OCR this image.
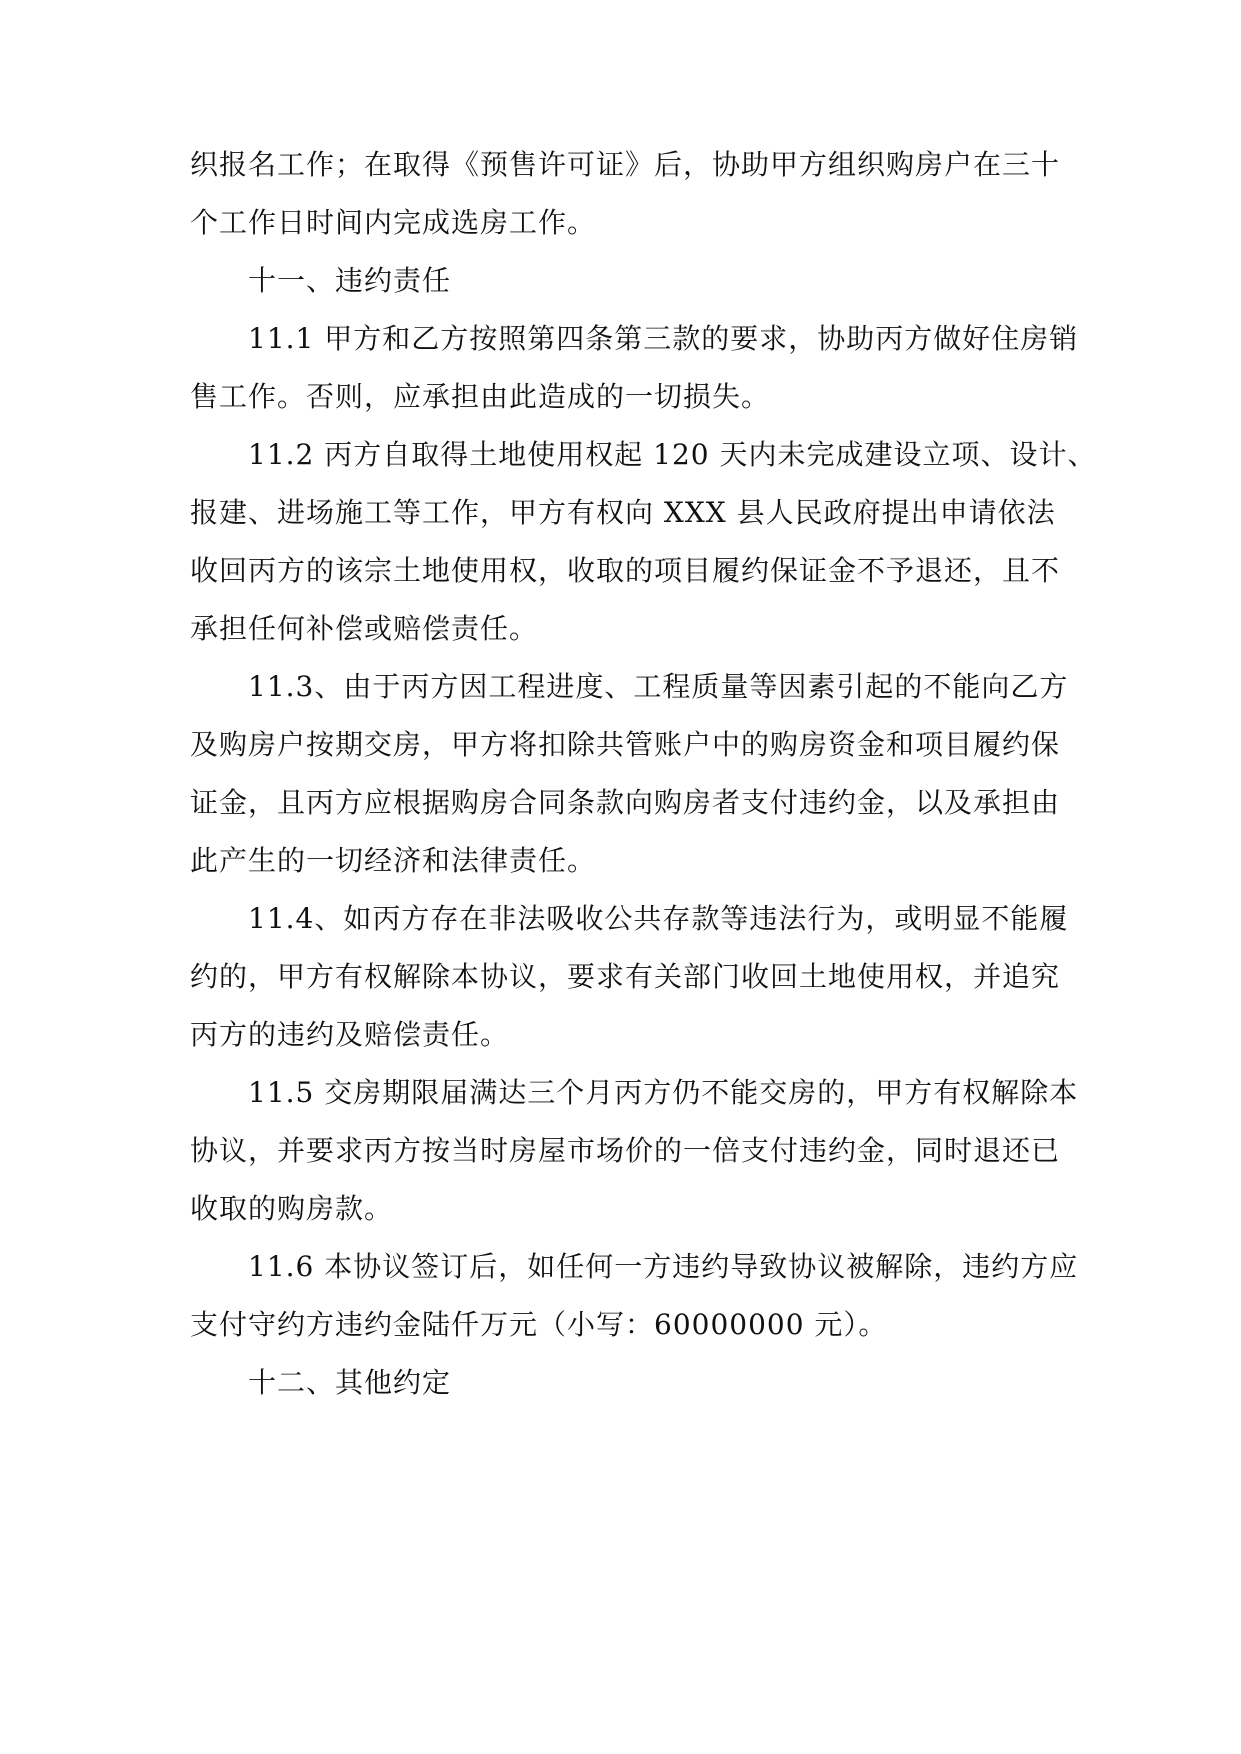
织报名工作；在取得《预售许可证》后，协助甲方组织购房户在三十
个工作日时间内完成选房工作。
十一、违约责任
11.1 甲方和乙方按照第四条第三款的要求，协助丙方做好住房销
售工作。否则，应承担由此造成的一切损失。
11.2 丙方自取得土地使用权起 120 天内未完成建设立项、设计、
报建、进场施工等工作，甲方有权向 XXX 县人民政府提出申请依法
收回丙方的该宗土地使用权，收取的项目履约保证金不予退还，且不
承担任何补偿或赔偿责任。
11.3、由于丙方因工程进度、工程质量等因素引起的不能向乙方
及购房户按期交房，甲方将扣除共管账户中的购房资金和项目履约保
证金，且丙方应根据购房合同条款向购房者支付违约金，以及承担由
此产生的一切经济和法律责任。
11.4、如丙方存在非法吸收公共存款等违法行为，或明显不能履
约的，甲方有权解除本协议，要求有关部门收回土地使用权，并追究
丙方的违约及赔偿责任。
11.5 交房期限届满达三个月丙方仍不能交房的，甲方有权解除本
协议，并要求丙方按当时房屋市场价的一倍支付违约金，同时退还已
收取的购房款。
11.6 本协议签订后，如任何一方违约导致协议被解除，违约方应
支付守约方违约金陆仟万元（小写：60000000 元）。
十二、其他约定
